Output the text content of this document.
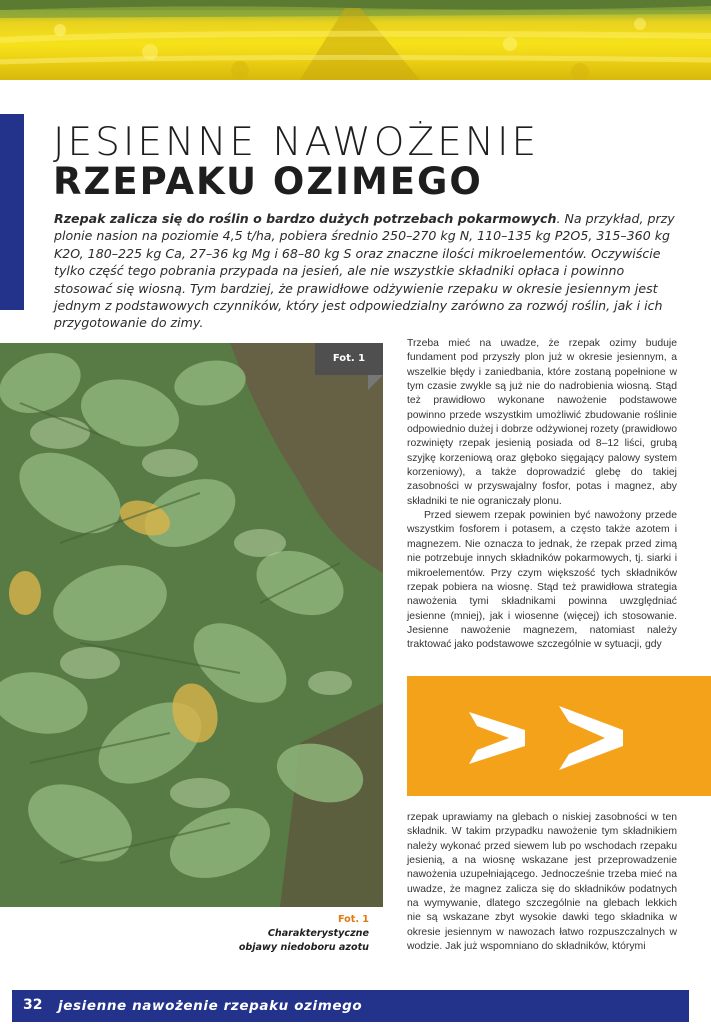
JESIENNE NAWOŻENIE
RZEPAKU OZIMEGO

Rzepak zalicza się do roślin o bardzo dużych potrzebach pokarmowych. Na przykład, przy plonie nasion na poziomie 4,5 t/ha, pobiera średnio 250–270 kg N, 110–135 kg P2O5, 315–360 kg K2O, 180–225 kg Ca, 27–36 kg Mg i 68–80 kg S oraz znaczne ilości mikroelementów. Oczywiście tylko część tego pobrania przypada na jesień, ale nie wszystkie składniki opłaca i powinno stosować się wiosną. Tym bardziej, że prawidłowe odżywienie rzepaku w okresie jesiennym jest jednym z podstawowych czynników, który jest odpowiedzialny zarówno za rozwój roślin, jak i ich przygotowanie do zimy.

Fot. 1
Fot. 1
Charakterystyczne
objawy niedoboru azotu

Trzeba mieć na uwadze, że rzepak ozimy buduje fundament pod przyszły plon już w okresie jesiennym, a wszelkie błędy i zaniedbania, które zostaną popełnione w tym czasie zwykle są już nie do nadrobienia wiosną. Stąd też prawidłowo wykonane nawożenie podstawowe powinno przede wszystkim umożliwić zbudowanie roślinie odpowiednio dużej i dobrze odżywionej rozety (prawidłowo rozwinięty rzepak jesienią posiada od 8–12 liści, grubą szyjkę korzeniową oraz głęboko sięgający palowy system korzeniowy), a także doprowadzić glebę do takiej zasobności w przyswajalny fosfor, potas i magnez, aby składniki te nie ograniczały plonu.

Przed siewem rzepak powinien być nawożony przede wszystkim fosforem i potasem, a często także azotem i magnezem. Nie oznacza to jednak, że rzepak przed zimą nie potrzebuje innych składników pokarmowych, tj. siarki i mikroelementów. Przy czym większość tych składników rzepak pobiera na wiosnę. Stąd też prawidłowa strategia nawożenia tymi składnikami powinna uwzględniać jesienne (mniej), jak i wiosenne (więcej) ich stosowanie. Jesienne nawożenie magnezem, natomiast należy traktować jako podstawowe szczególnie w sytuacji, gdy

rzepak uprawiamy na glebach o niskiej zasobności w ten składnik. W takim przypadku nawożenie tym składnikiem należy wykonać przed siewem lub po wschodach rzepaku jesienią, a na wiosnę wskazane jest przeprowadzenie nawożenia uzupełniającego. Jednocześnie trzeba mieć na uwadze, że magnez zalicza się do składników podatnych na wymywanie, dlatego szczególnie na glebach lekkich nie są wskazane zbyt wysokie dawki tego składnika w okresie jesiennym w nawozach łatwo rozpuszczalnych w wodzie. Jak już wspomniano do składników, którymi

32 jesienne nawożenie rzepaku ozimego
